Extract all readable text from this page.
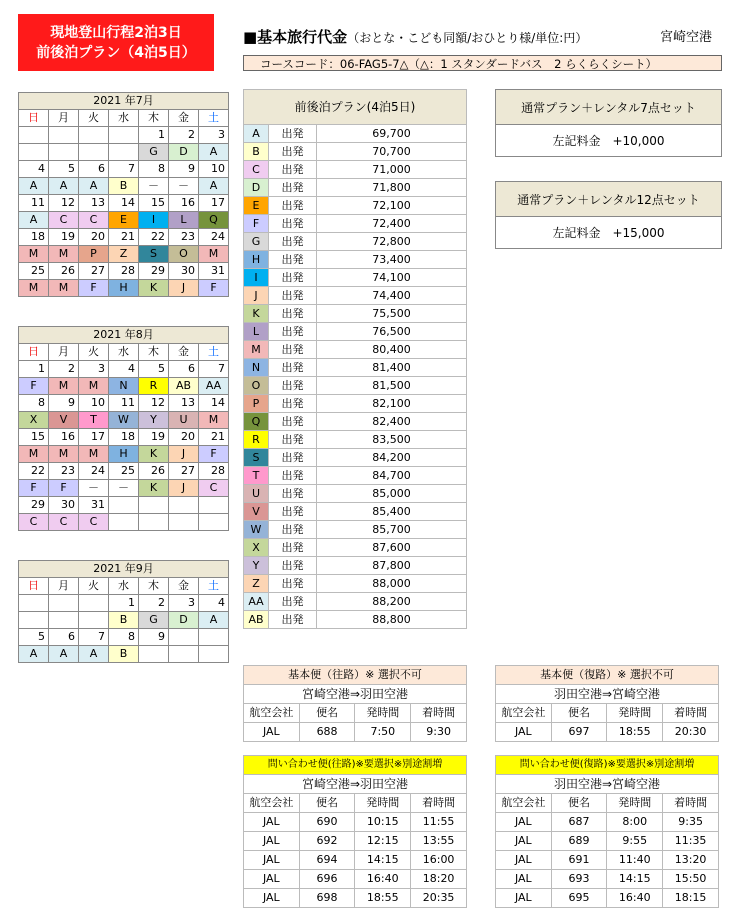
現地登山行程2泊3日
前後泊プラン（4泊5日）
■基本旅行代金（おとな・こども同額/おひとり様/単位:円）	宮崎空港
コースコード：06-FAG5-7△（△：1 スタンダードバス　2 らくらくシート）
2021 年7月						
日	月	火	水	木	金	土
				1	2	3
				G	D	A
4	5	6	7	8	9	10
A	A	A	B	－	－	A
11	12	13	14	15	16	17
A	C	C	E	I	L	Q
18	19	20	21	22	23	24
M	M	P	Z	S	O	M
25	26	27	28	29	30	31
M	M	F	H	K	J	F
2021 年8月						
日	月	火	水	木	金	土
1	2	3	4	5	6	7
F	M	M	N	R	AB	AA
8	9	10	11	12	13	14
X	V	T	W	Y	U	M
15	16	17	18	19	20	21
M	M	M	H	K	J	F
22	23	24	25	26	27	28
F	F	－	－	K	J	C
29	30	31				
C	C	C				
2021 年9月						
日	月	火	水	木	金	土
			1	2	3	4
			B	G	D	A
5	6	7	8	9		
A	A	A	B			
前後泊プラン(4泊5日)		
A	出発	69,700
B	出発	70,700
C	出発	71,000
D	出発	71,800
E	出発	72,100
F	出発	72,400
G	出発	72,800
H	出発	73,400
I	出発	74,100
J	出発	74,400
K	出発	75,500
L	出発	76,500
M	出発	80,400
N	出発	81,400
O	出発	81,500
P	出発	82,100
Q	出発	82,400
R	出発	83,500
S	出発	84,200
T	出発	84,700
U	出発	85,000
V	出発	85,400
W	出発	85,700
X	出発	87,600
Y	出発	87,800
Z	出発	88,000
AA	出発	88,200
AB	出発	88,800
通常プラン＋レンタル7点セット
左記料金　+10,000
通常プラン＋レンタル12点セット
左記料金　+15,000
基本便（往路）※ 選択不可			
宮崎空港⇒羽田空港			
航空会社	便名	発時間	着時間
JAL	688	7:50	9:30
基本便（復路）※ 選択不可			
羽田空港⇒宮崎空港			
航空会社	便名	発時間	着時間
JAL	697	18:55	20:30
問い合わせ便(往路)※要選択※別途割増			
宮崎空港⇒羽田空港			
航空会社	便名	発時間	着時間
JAL	690	10:15	11:55
JAL	692	12:15	13:55
JAL	694	14:15	16:00
JAL	696	16:40	18:20
JAL	698	18:55	20:35
問い合わせ便(復路)※要選択※別途割増			
羽田空港⇒宮崎空港			
航空会社	便名	発時間	着時間
JAL	687	8:00	9:35
JAL	689	9:55	11:35
JAL	691	11:40	13:20
JAL	693	14:15	15:50
JAL	695	16:40	18:15
